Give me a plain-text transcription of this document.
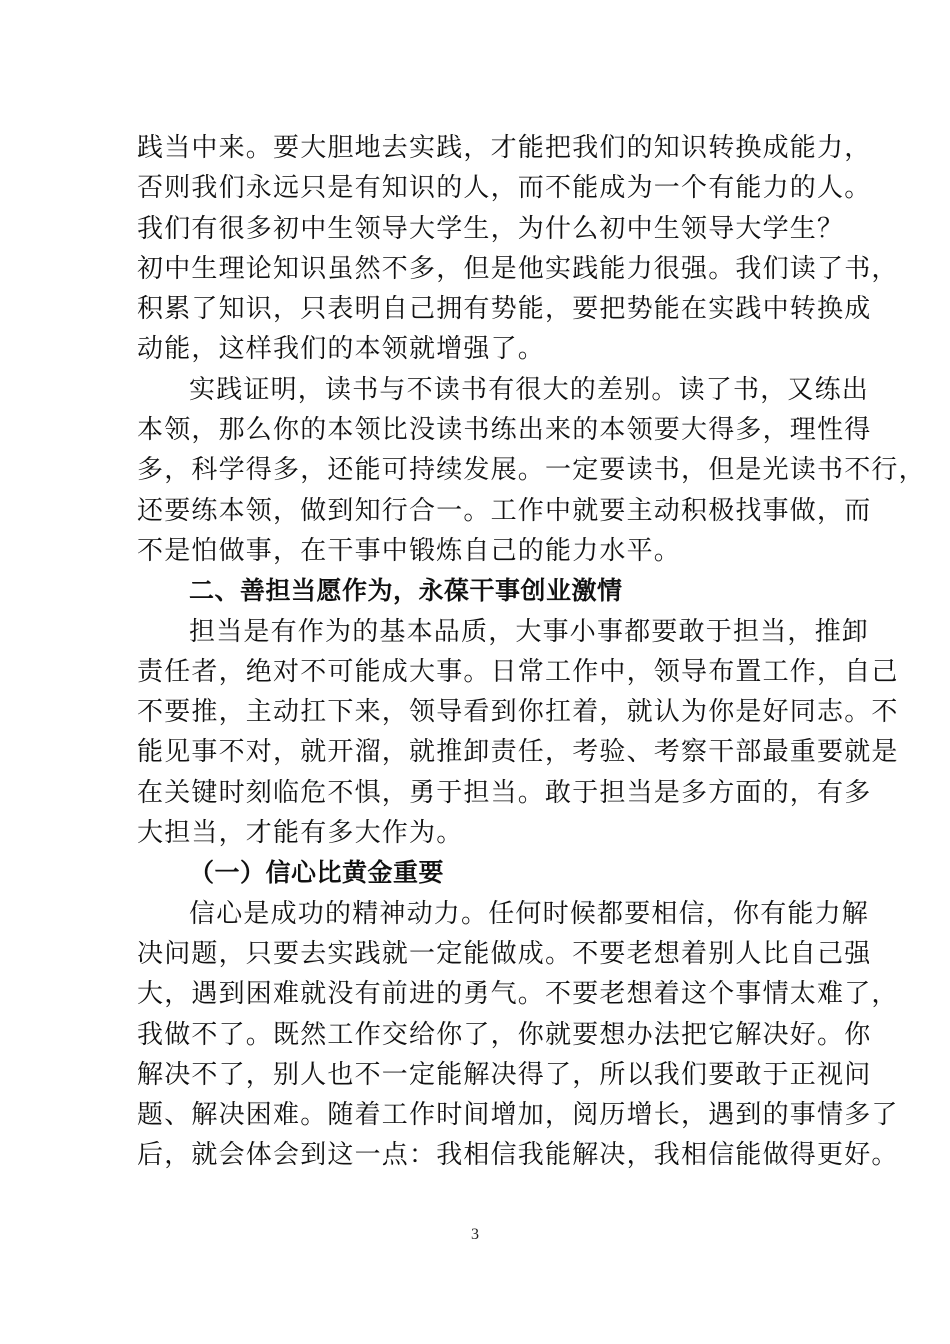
践当中来。要大胆地去实践，才能把我们的知识转换成能力，
否则我们永远只是有知识的人，而不能成为一个有能力的人。
我们有很多初中生领导大学生，为什么初中生领导大学生？
初中生理论知识虽然不多，但是他实践能力很强。我们读了书，
积累了知识，只表明自己拥有势能，要把势能在实践中转换成
动能，这样我们的本领就增强了。
实践证明，读书与不读书有很大的差别。读了书，又练出
本领，那么你的本领比没读书练出来的本领要大得多，理性得
多，科学得多，还能可持续发展。一定要读书，但是光读书不行，
还要练本领，做到知行合一。工作中就要主动积极找事做，而
不是怕做事，在干事中锻炼自己的能力水平。
二、善担当愿作为，永葆干事创业激情
担当是有作为的基本品质，大事小事都要敢于担当，推卸
责任者，绝对不可能成大事。日常工作中，领导布置工作，自己
不要推，主动扛下来，领导看到你扛着，就认为你是好同志。不
能见事不对，就开溜，就推卸责任，考验、考察干部最重要就是
在关键时刻临危不惧，勇于担当。敢于担当是多方面的，有多
大担当，才能有多大作为。
（一）信心比黄金重要
信心是成功的精神动力。任何时候都要相信，你有能力解
决问题，只要去实践就一定能做成。不要老想着别人比自己强
大，遇到困难就没有前进的勇气。不要老想着这个事情太难了，
我做不了。既然工作交给你了，你就要想办法把它解决好。你
解决不了，别人也不一定能解决得了，所以我们要敢于正视问
题、解决困难。随着工作时间增加，阅历增长，遇到的事情多了
后，就会体会到这一点：我相信我能解决，我相信能做得更好。
3
